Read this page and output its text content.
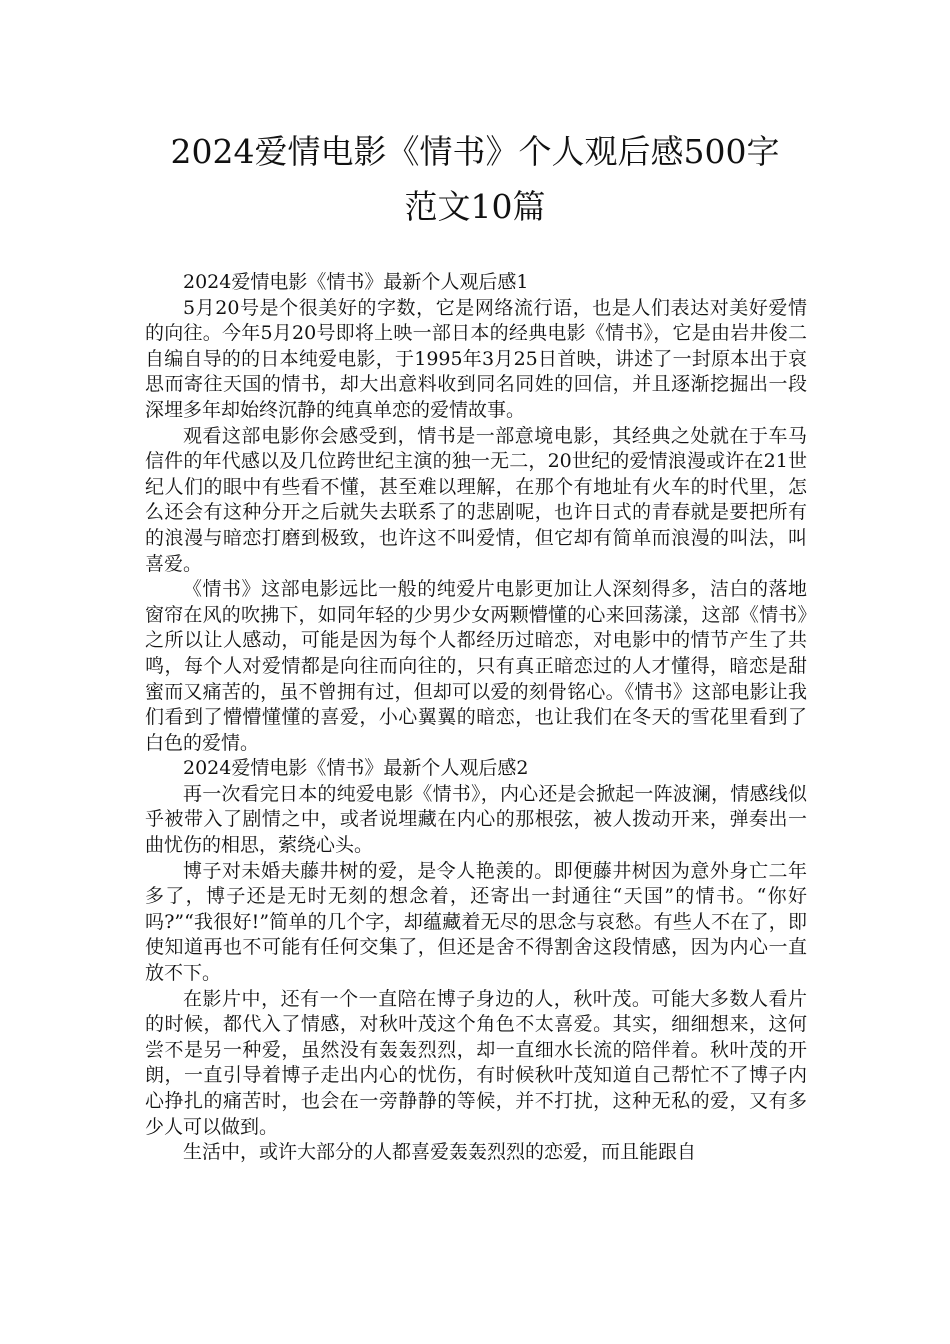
2024爱情电影《情书》个人观后感500字
范文10篇

2024爱情电影《情书》最新个人观后感1

5月20号是个很美好的字数，它是网络流行语，也是人们表达对美好爱情的向往。今年5月20号即将上映一部日本的经典电影《情书》，它是由岩井俊二自编自导的的日本纯爱电影，于1995年3月25日首映，讲述了一封原本出于哀思而寄往天国的情书，却大出意料收到同名同姓的回信，并且逐渐挖掘出一段深埋多年却始终沉静的纯真单恋的爱情故事。

观看这部电影你会感受到，情书是一部意境电影，其经典之处就在于车马信件的年代感以及几位跨世纪主演的独一无二，20世纪的爱情浪漫或许在21世纪人们的眼中有些看不懂，甚至难以理解，在那个有地址有火车的时代里，怎么还会有这种分开之后就失去联系了的悲剧呢，也许日式的青春就是要把所有的浪漫与暗恋打磨到极致，也许这不叫爱情，但它却有简单而浪漫的叫法，叫喜爱。

《情书》这部电影远比一般的纯爱片电影更加让人深刻得多，洁白的落地窗帘在风的吹拂下，如同年轻的少男少女两颗懵懂的心来回荡漾，这部《情书》之所以让人感动，可能是因为每个人都经历过暗恋，对电影中的情节产生了共鸣，每个人对爱情都是向往而向往的，只有真正暗恋过的人才懂得，暗恋是甜蜜而又痛苦的，虽不曾拥有过，但却可以爱的刻骨铭心。《情书》这部电影让我们看到了懵懵懂懂的喜爱，小心翼翼的暗恋，也让我们在冬天的雪花里看到了白色的爱情。

2024爱情电影《情书》最新个人观后感2

再一次看完日本的纯爱电影《情书》，内心还是会掀起一阵波澜，情感线似乎被带入了剧情之中，或者说埋藏在内心的那根弦，被人拨动开来，弹奏出一曲忧伤的相思，萦绕心头。

博子对未婚夫藤井树的爱，是令人艳羡的。即便藤井树因为意外身亡二年多了，博子还是无时无刻的想念着，还寄出一封通往“天国”的情书。“你好吗?”“我很好!”简单的几个字，却蕴藏着无尽的思念与哀愁。有些人不在了，即使知道再也不可能有任何交集了，但还是舍不得割舍这段情感，因为内心一直放不下。

在影片中，还有一个一直陪在博子身边的人，秋叶茂。可能大多数人看片的时候，都代入了情感，对秋叶茂这个角色不太喜爱。其实，细细想来，这何尝不是另一种爱，虽然没有轰轰烈烈，却一直细水长流的陪伴着。秋叶茂的开朗，一直引导着博子走出内心的忧伤，有时候秋叶茂知道自己帮忙不了博子内心挣扎的痛苦时，也会在一旁静静的等候，并不打扰，这种无私的爱，又有多少人可以做到。

生活中，或许大部分的人都喜爱轰轰烈烈的恋爱，而且能跟自
